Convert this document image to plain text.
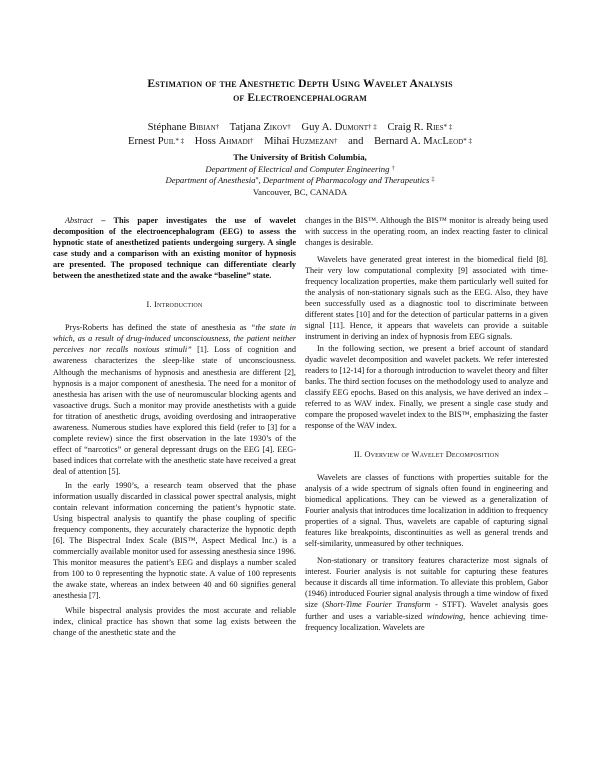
Estimation of the Anesthetic Depth Using Wavelet Analysis
of Electroencephalogram
Stéphane Bibian† Tatjana Zikov† Guy A. Dumont† ‡ Craig R. Ries* ‡
Ernest Puil* ‡ Hoss Ahmadi† Mihai Huzmezan† and Bernard A. MacLeod* ‡
The University of British Columbia,
Department of Electrical and Computer Engineering †
Department of Anesthesia*, Department of Pharmacology and Therapeutics ‡
Vancouver, BC, CANADA

Abstract – This paper investigates the use of wavelet decomposition of the electroencephalogram (EEG) to assess the hypnotic state of anesthetized patients undergoing surgery. A single case study and a comparison with an existing monitor of hypnosis are presented. The proposed technique can differentiate clearly between the anesthetized state and the awake “baseline” state.

I. Introduction

Prys-Roberts has defined the state of anesthesia as “the state in which, as a result of drug-induced unconsciousness, the patient neither perceives nor recalls noxious stimuli” [1]. Loss of cognition and awareness characterizes the sleep-like state of unconsciousness. Although the mechanisms of hypnosis and anesthesia are different [2], hypnosis is a major component of anesthesia. The need for a monitor of anesthesia has arisen with the use of neuromuscular blocking agents and vasoactive drugs. Such a monitor may provide anesthetists with a guide for titration of anesthetic drugs, avoiding overdosing and intraoperative awareness. Numerous studies have explored this field (refer to [3] for a complete review) since the first observation in the late 1930’s of the effect of “narcotics” or general depressant drugs on the EEG [4]. EEG-based indices that correlate with the anesthetic state have received a great deal of attention [5].

In the early 1990’s, a research team observed that the phase information usually discarded in classical power spectral analysis, might contain relevant information concerning the patient’s hypnotic state. Using bispectral analysis to quantify the phase coupling of specific frequency components, they accurately characterize the hypnotic depth [6]. The Bispectral Index Scale (BIS™, Aspect Medical Inc.) is a commercially available monitor used for assessing anesthesia since 1996. This monitor measures the patient’s EEG and displays a number scaled from 100 to 0 representing the hypnotic state. A value of 100 represents the awake state, whereas an index between 40 and 60 signifies general anesthesia [7].

While bispectral analysis provides the most accurate and reliable index, clinical practice has shown that some lag exists between the change of the anesthetic state and the

changes in the BIS™. Although the BIS™ monitor is already being used with success in the operating room, an index reacting faster to clinical changes is desirable.

Wavelets have generated great interest in the biomedical field [8]. Their very low computational complexity [9] associated with time-frequency localization properties, make them particularly well suited for the analysis of non-stationary signals such as the EEG. Also, they have been successfully used as a diagnostic tool to discriminate between different states [10] and for the detection of particular patterns in a given signal [11]. Hence, it appears that wavelets can provide a suitable instrument in deriving an index of hypnosis from EEG signals.

In the following section, we present a brief account of standard dyadic wavelet decomposition and wavelet packets. We refer interested readers to [12-14] for a thorough introduction to wavelet theory and filter banks. The third section focuses on the methodology used to analyze and classify EEG epochs. Based on this analysis, we have derived an index – referred to as WAV index. Finally, we present a single case study and compare the proposed wavelet index to the BIS™, emphasizing the faster response of the WAV index.

II. Overview of Wavelet Decomposition

Wavelets are classes of functions with properties suitable for the analysis of a wide spectrum of signals often found in engineering and biomedical applications. They can be viewed as a generalization of Fourier analysis that introduces time localization in addition to frequency properties of a signal. Thus, wavelets are capable of capturing signal features like breakpoints, discontinuities as well as general trends and self-similarity, unmeasured by other techniques.

Non-stationary or transitory features characterize most signals of interest. Fourier analysis is not suitable for capturing these features because it discards all time information. To alleviate this problem, Gabor (1946) introduced Fourier signal analysis through a time window of fixed size (Short-Time Fourier Transform - STFT). Wavelet analysis goes further and uses a variable-sized windowing, hence achieving time-frequency localization. Wavelets are
